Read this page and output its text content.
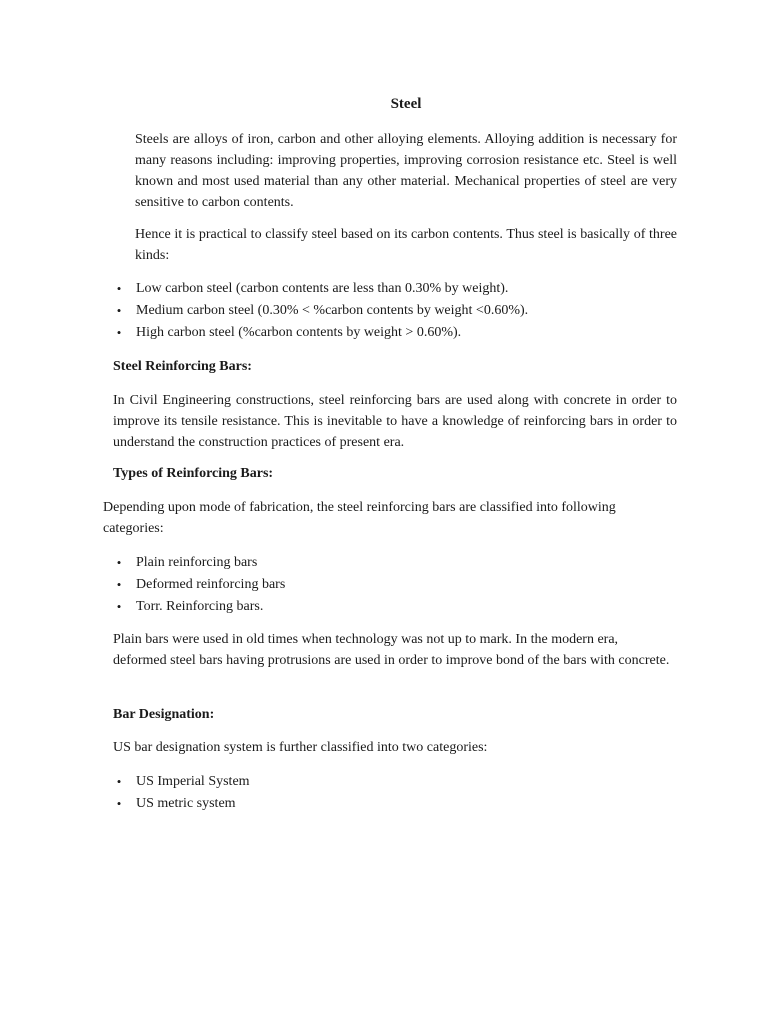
Steel

Steels are alloys of iron, carbon and other alloying elements. Alloying addition is necessary for many reasons including: improving properties, improving corrosion resistance etc. Steel is well known and most used material than any other material. Mechanical properties of steel are very sensitive to carbon contents.

Hence it is practical to classify steel based on its carbon contents. Thus steel is basically of three kinds:

• Low carbon steel (carbon contents are less than 0.30% by weight).
• Medium carbon steel (0.30% < %carbon contents by weight <0.60%).
• High carbon steel (%carbon contents by weight > 0.60%).
Steel Reinforcing Bars:

In Civil Engineering constructions, steel reinforcing bars are used along with concrete in order to improve its tensile resistance. This is inevitable to have a knowledge of reinforcing bars in order to understand the construction practices of present era.

Types of Reinforcing Bars:

Depending upon mode of fabrication, the steel reinforcing bars are classified into following categories:

• Plain reinforcing bars
• Deformed reinforcing bars
• Torr. Reinforcing bars.

Plain bars were used in old times when technology was not up to mark. In the modern era, deformed steel bars having protrusions are used in order to improve bond of the bars with concrete.

Bar Designation:

US bar designation system is further classified into two categories:

• US Imperial System
• US metric system
